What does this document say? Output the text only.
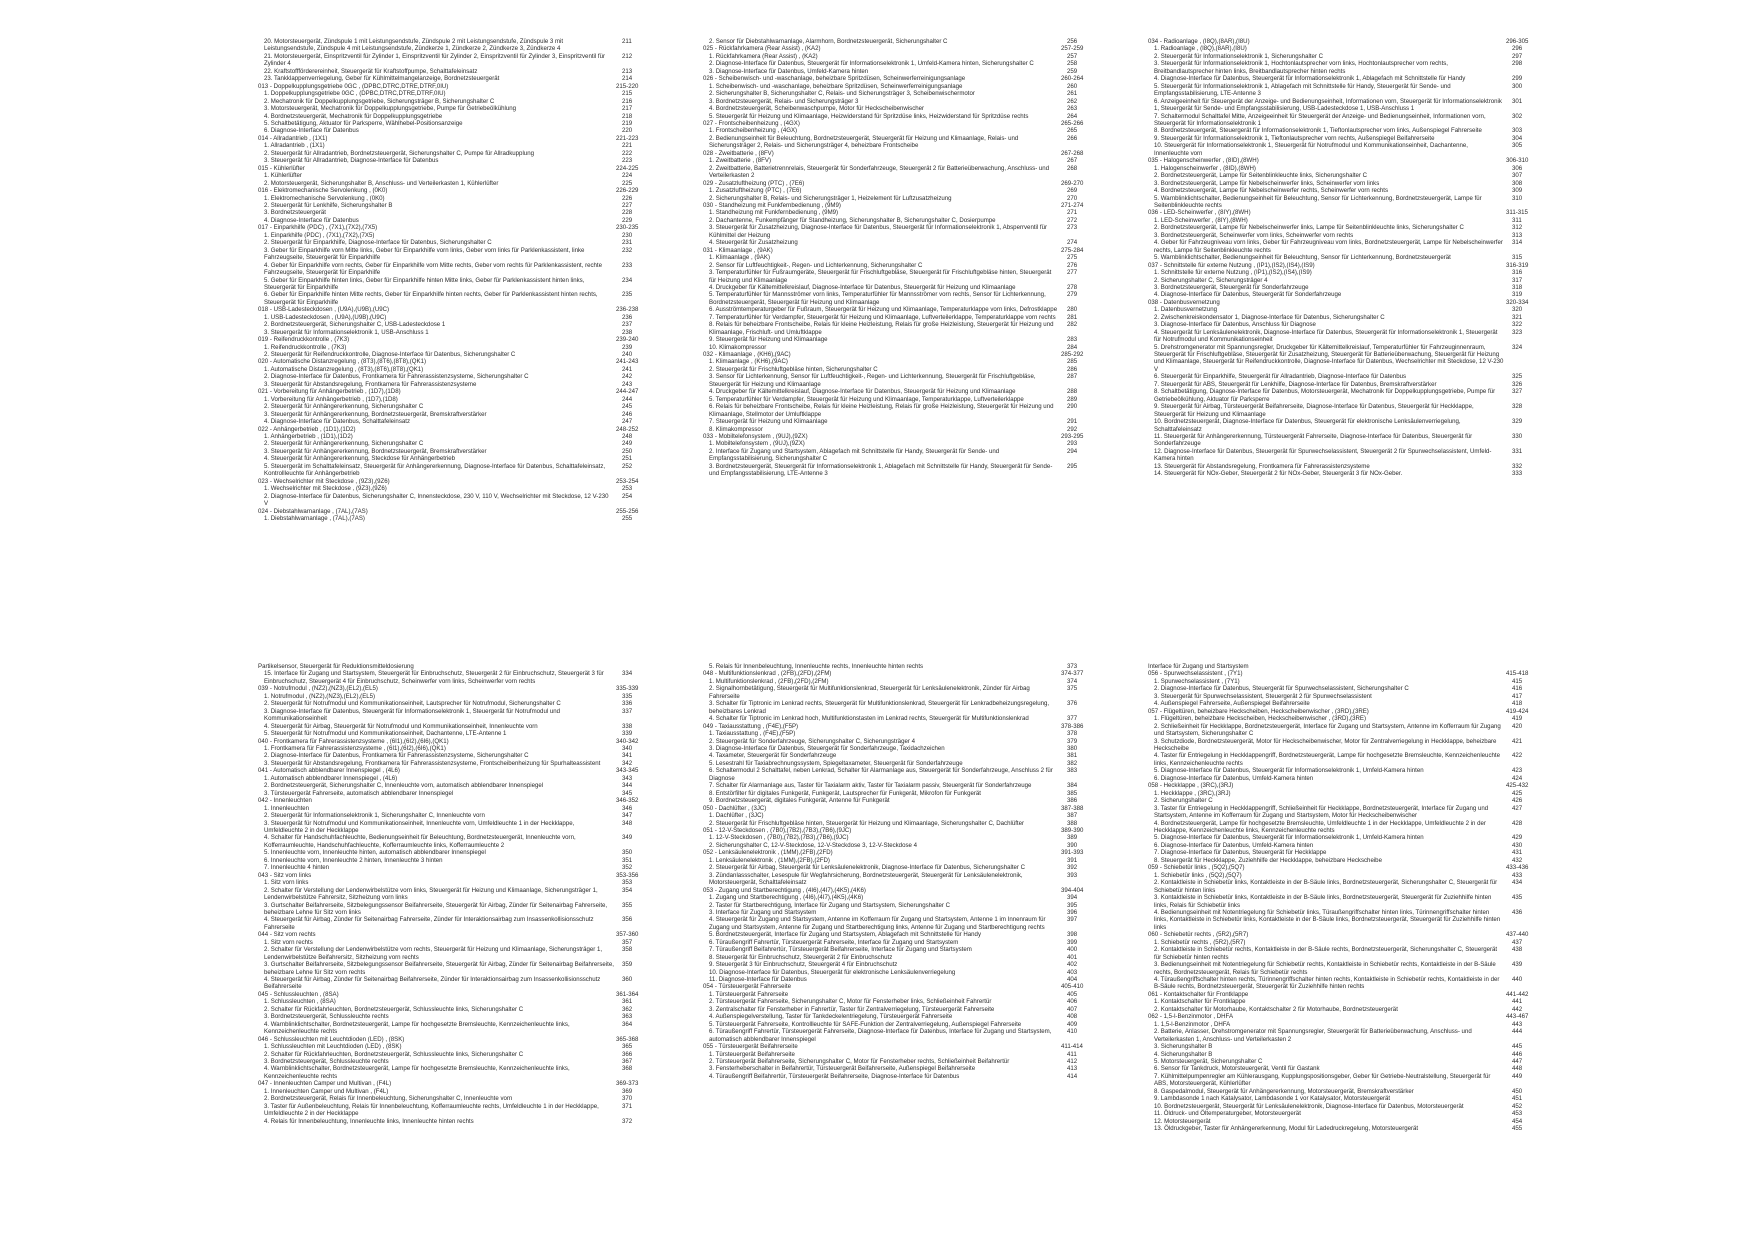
20. Motorsteuergerät, Zündspule 1 mit Leistungsendstufe, Zündspule 2 mit Leistungsendstufe, Zündspule 3 mit Leistungsendstufe, Zündspule 4 mit Leistungsendstufe, Zündkerze 1, Zündkerze 2, Zündkerze 3, Zündkerze 4
211
21. Motorsteuergerät, Einspritzventil für Zylinder 1, Einspritzventil für Zylinder 2, Einspritzventil für Zylinder 3, Einspritzventil für Zylinder 4
212
22. Kraftstoffförderereinheit, Steuergerät für Kraftstoffpumpe, Schalttafeleinsatz	213
23. Tankklappenverriegelung, Geber für Kühlmittelmangelanzeige, Bordnetzsteuergerät	214
013 - Doppelkupplungsgetriebe 0GC , (DPBC,DTRC,DTRE,DTRF,0IU)	215-220
1. Doppelkupplungsgetriebe 0GC , (DPBC,DTRC,DTRE,DTRF,0IU)	215
2. Mechatronik für Doppelkupplungsgetriebe, Sicherungsträger B, Sicherungshalter C	216
3. Motorsteuergerät, Mechatronik für Doppelkupplungsgetriebe, Pumpe für Getriebeölkühlung	217
4. Bordnetzsteuergerät, Mechatronik für Doppelkupplungsgetriebe	218
5. Schaltbetätigung, Aktuator für Parksperre, Wählhebel-Positionsanzeige	219
6. Diagnose-Interface für Datenbus	220
014 - Allradantrieb , (1X1)	221-223
1. Allradantrieb , (1X1)	221
2. Steuergerät für Allradantrieb, Bordnetzsteuergerät, Sicherungshalter C, Pumpe für Allradkupplung	222
3. Steuergerät für Allradantrieb, Diagnose-Interface für Datenbus	223
015 - Kühlerlüfter	224-225
1. Kühlerlüfter	224
2. Motorsteuergerät, Sicherungshalter B, Anschluss- und Verteilerkasten 1, Kühlerlüfter	225
016 - Elektromechanische Servolenkung , (0K0)	226-229
1. Elektromechanische Servolenkung , (0K0)	226
2. Steuergerät für Lenkhilfe, Sicherungshalter B	227
3. Bordnetzsteuergerät	228
4. Diagnose-Interface für Datenbus	229
017 - Einparkhilfe (PDC) , (7X1),(7X2),(7X5)	230-235
1. Einparkhilfe (PDC) , (7X1),(7X2),(7X5)	230
2. Steuergerät für Einparkhilfe, Diagnose-Interface für Datenbus, Sicherungshalter C	231
3. Geber für Einparkhilfe vorn Mitte links, Geber für Einparkhilfe vorn links, Geber vorn links für Parklenkassistent, linke Fahrzeugseite, Steuergerät für Einparkhilfe
232
4. Geber für Einparkhilfe vorn rechts, Geber für Einparkhilfe vorn Mitte rechts, Geber vorn rechts für Parklenkassistent, rechte Fahrzeugseite, Steuergerät für Einparkhilfe
233
5. Geber für Einparkhilfe hinten links, Geber für Einparkhilfe hinten Mitte links, Geber für Parklenkassistent hinten links, Steuergerät für Einparkhilfe
234
6. Geber für Einparkhilfe hinten Mitte rechts, Geber für Einparkhilfe hinten rechts, Geber für Parklenkassistent hinten rechts, Steuergerät für Einparkhilfe
235
018 - USB-Ladesteckdosen , (U9A),(U9B),(U9C)	236-238
1. USB-Ladesteckdosen , (U9A),(U9B),(U9C)	236
2. Bordnetzsteuergerät, Sicherungshalter C, USB-Ladesteckdose 1	237
3. Steuergerät für Informationselektronik 1, USB-Anschluss 1	238
019 - Reifendruckkontrolle , (7K3)	239-240
1. Reifendruckkontrolle , (7K3)	239
2. Steuergerät für Reifendruckkontrolle, Diagnose-Interface für Datenbus, Sicherungshalter C	240
020 - Automatische Distanzregelung , (8T3),(8T6),(8T8),(QK1)	241-243
1. Automatische Distanzregelung , (8T3),(8T6),(8T8),(QK1)	241
2. Diagnose-Interface für Datenbus, Frontkamera für Fahrerassistenzsysteme, Sicherungshalter C	242
3. Steuergerät für Abstandsregelung, Frontkamera für Fahrerassistenzsysteme	243
021 - Vorbereitung für Anhängerbetrieb , (1D7),(1D8)	244-247
1. Vorbereitung für Anhängerbetrieb , (1D7),(1D8)	244
2. Steuergerät für Anhängererkennung, Sicherungshalter C	245
3. Steuergerät für Anhängererkennung, Bordnetzsteuergerät, Bremskraftverstärker	246
4. Diagnose-Interface für Datenbus, Schalttafeleinsatz	247
022 - Anhängerbetrieb , (1D1),(1D2)	248-252
1. Anhängerbetrieb , (1D1),(1D2)	248
2. Steuergerät für Anhängererkennung, Sicherungshalter C	249
3. Steuergerät für Anhängererkennung, Bordnetzsteuergerät, Bremskraftverstärker	250
4. Steuergerät für Anhängererkennung, Steckdose für Anhängerbetrieb	251
5. Steuergerät im Schalttafeleinsatz, Steuergerät für Anhängererkennung, Diagnose-Interface für Datenbus, Schalttafeleinsatz, Kontrollleuchte für Anhängerbetrieb
252
023 - Wechselrichter mit Steckdose , (9Z3),(9Z6)	253-254
1. Wechselrichter mit Steckdose , (9Z3),(9Z6)	253
2. Diagnose-Interface für Datenbus, Sicherungshalter C, Innensteckdose, 230 V, 110 V, Wechselrichter mit Steckdose, 12 V-230 V
254
024 - Diebstahlwarnanlage , (7AL),(7AS)	255-256
1. Diebstahlwarnanlage , (7AL),(7AS)	255
2. Sensor für Diebstahlwarnanlage, Alarmhorn, Bordnetzsteuergerät, Sicherungshalter C	256
025 - Rückfahrkamera (Rear Assist) , (KA2)	257-259
1. Rückfahrkamera (Rear Assist) , (KA2)	257
2. Diagnose-Interface für Datenbus, Steuergerät für Informationselektronik 1, Umfeld-Kamera hinten, Sicherungshalter C	258
3. Diagnose-Interface für Datenbus, Umfeld-Kamera hinten	259
026 - Scheibenwisch- und -waschanlage, beheizbare Spritzdüsen, Scheinwerferreinigungsanlage	260-264
1. Scheibenwisch- und -waschanlage, beheizbare Spritzdüsen, Scheinwerferreinigungsanlage	260
2. Sicherungshalter B, Sicherungshalter C, Relais- und Sicherungsträger 3, Scheibenwischermotor	261
3. Bordnetzsteuergerät, Relais- und Sicherungsträger 3	262
4. Bordnetzsteuergerät, Scheibenwaschpumpe, Motor für Heckscheibenwischer	263
5. Steuergerät für Heizung und Klimaanlage, Heizwiderstand für Spritzdüse links, Heizwiderstand für Spritzdüse rechts	264
027 - Frontscheibenheizung , (4GX)	265-266
1. Frontscheibenheizung , (4GX)	265
2. Bedienungseinheit für Beleuchtung, Bordnetzsteuergerät, Steuergerät für Heizung und Klimaanlage, Relais- und Sicherungsträger 2, Relais- und Sicherungsträger 4, beheizbare Frontscheibe
266
028 - Zweitbatterie , (8FV)	267-268
1. Zweitbatterie , (8FV)	267
2. Zweitbatterie, Batterietrennrelais, Steuergerät für Sonderfahrzeuge, Steuergerät 2 für Batterieüberwachung, Anschluss- und Verteilerkasten 2
268
029 - Zusatzluftheizung (PTC) , (7E6)	269-270
1. Zusatzluftheizung (PTC) , (7E6)	269
2. Sicherungshalter B, Relais- und Sicherungsträger 1, Heizelement für Luftzusatzheizung	270
030 - Standheizung mit Funkfernbedienung , (9M9)	271-274
1. Standheizung mit Funkfernbedienung , (9M9)	271
2. Dachantenne, Funkempfänger für Standheizung, Sicherungshalter B, Sicherungshalter C, Dosierpumpe	272
3. Steuergerät für Zusatzheizung, Diagnose-Interface für Datenbus, Steuergerät für Informationselektronik 1, Absperrventil für Kühlmittel der Heizung
273
4. Steuergerät für Zusatzheizung	274
031 - Klimaanlage , (9AK)	275-284
1. Klimaanlage , (9AK)	275
2. Sensor für Luftfeuchtigkeit-, Regen- und Lichterkennung, Sicherungshalter C	276
3. Temperaturfühler für Fußraumgeräte, Steuergerät für Frischluftgebläse, Steuergerät für Frischluftgebläse hinten, Steuergerät für Heizung und Klimaanlage
277
4. Druckgeber für Kältemittelkreislauf, Diagnose-Interface für Datenbus, Steuergerät für Heizung und Klimaanlage	278
5. Temperaturfühler für Mannsströmer vorn links, Temperaturfühler für Mannsströmer vorn rechts, Sensor für Lichterkennung, Bordnetzsteuergerät, Steuergerät für Heizung und Klimaanlage
279
6. Ausströmtemperaturgeber für Fußraum, Steuergerät für Heizung und Klimaanlage, Temperaturklappe vorn links, Defrostklappe	280
7. Temperaturfühler für Verdampfer, Steuergerät für Heizung und Klimaanlage, Luftverteilerklappe, Temperaturklappe vorn rechts	281
8. Relais für beheizbare Frontscheibe, Relais für kleine Heizleistung, Relais für große Heizleistung, Steuergerät für Heizung und Klimaanlage, Frischluft- und Umluftklappe
282
9. Steuergerät für Heizung und Klimaanlage	283
10. Klimakompressor	284
032 - Klimaanlage , (KH6),(9AC)	285-292
1. Klimaanlage , (KH6),(9AC)	285
2. Steuergerät für Frischluftgebläse hinten, Sicherungshalter C	286
3. Sensor für Lichterkennung, Sensor für Luftfeuchtigkeit-, Regen- und Lichterkennung, Steuergerät für Frischluftgebläse, Steuergerät für Heizung und Klimaanlage
287
4. Druckgeber für Kältemittelkreislauf, Diagnose-Interface für Datenbus, Steuergerät für Heizung und Klimaanlage	288
5. Temperaturfühler für Verdampfer, Steuergerät für Heizung und Klimaanlage, Temperaturklappe, Luftverteilerklappe	289
6. Relais für beheizbare Frontscheibe, Relais für kleine Heizleistung, Relais für große Heizleistung, Steuergerät für Heizung und Klimaanlage, Stellmotor der Umluftklappe
290
7. Steuergerät für Heizung und Klimaanlage	291
8. Klimakompressor	292
033 - Mobiltelefonsystem , (9UJ),(9ZX)	293-295
1. Mobiltelefonsystem , (9UJ),(9ZX)	293
2. Interface für Zugang und Startsystem, Ablagefach mit Schnittstelle für Handy, Steuergerät für Sende- und Empfangsstabilisierung, Sicherungshalter C
294
3. Bordnetzsteuergerät, Steuergerät für Informationselektronik 1, Ablagefach mit Schnittstelle für Handy, Steuergerät für Sende- und Empfangsstabilisierung, LTE-Antenne 3
295
034 - Radioanlage , (I8Q),(8AR),(I8U)	296-305
1. Radioanlage , (I8Q),(8AR),(I8U)	296
2. Steuergerät für Informationselektronik 1, Sicherungshalter C	297
3. Steuergerät für Informationselektronik 1, Hochtonlautsprecher vorn links, Hochtonlautsprecher vorn rechts, Breitbandlautsprecher hinten links, Breitbandlautsprecher hinten rechts
298
4. Diagnose-Interface für Datenbus, Steuergerät für Informationselektronik 1, Ablagefach mit Schnittstelle für Handy	299
5. Steuergerät für Informationselektronik 1, Ablagefach mit Schnittstelle für Handy, Steuergerät für Sende- und Empfangsstabilisierung, LTE-Antenne 3
300
6. Anzeigeeinheit für Steuergerät der Anzeige- und Bedienungseinheit, Informationen vorn, Steuergerät für Informationselektronik 1, Steuergerät für Sende- und Empfangsstabilisierung, USB-Ladesteckdose 1, USB-Anschluss 1
301
7. Schaltermodul Schalttafel Mitte, Anzeigeeinheit für Steuergerät der Anzeige- und Bedienungseinheit, Informationen vorn, Steuergerät für Informationselektronik 1
302
8. Bordnetzsteuergerät, Steuergerät für Informationselektronik 1, Tieftonlautsprecher vorn links, Außenspiegel Fahrerseite	303
9. Steuergerät für Informationselektronik 1, Tieftonlautsprecher vorn rechts, Außenspiegel Beifahrerseite	304
10. Steuergerät für Informationselektronik 1, Steuergerät für Notrufmodul und Kommunikationseinheit, Dachantenne, Innenleuchte vorn
305
035 - Halogenscheinwerfer , (8ID),(8WH)	306-310
1. Halogenscheinwerfer , (8ID),(8WH)	306
2. Bordnetzsteuergerät, Lampe für Seitenblinkleuchte links, Sicherungshalter C	307
3. Bordnetzsteuergerät, Lampe für Nebelscheinwerfer links, Scheinwerfer vorn links	308
4. Bordnetzsteuergerät, Lampe für Nebelscheinwerfer rechts, Scheinwerfer vorn rechts	309
5. Warnblinklichtschalter, Bedienungseinheit für Beleuchtung, Sensor für Lichterkennung, Bordnetzsteuergerät, Lampe für Seitenblinkleuchte rechts
310
036 - LED-Scheinwerfer , (8IY),(8WH)	311-315
1. LED-Scheinwerfer , (8IY),(8WH)	311
2. Bordnetzsteuergerät, Lampe für Nebelscheinwerfer links, Lampe für Seitenblinkleuchte links, Sicherungshalter C	312
3. Bordnetzsteuergerät, Scheinwerfer vorn links, Scheinwerfer vorn rechts	313
4. Geber für Fahrzeugniveau vorn links, Geber für Fahrzeugniveau vorn links, Bordnetzsteuergerät, Lampe für Nebelscheinwerfer rechts, Lampe für Seitenblinkleuchte rechts
314
5. Warnblinklichtschalter, Bedienungseinheit für Beleuchtung, Sensor für Lichterkennung, Bordnetzsteuergerät	315
037 - Schnittstelle für externe Nutzung , (IP1),(IS2),(IS4),(IS9)	316-319
1. Schnittstelle für externe Nutzung , (IP1),(IS2),(IS4),(IS9)	316
2. Sicherungshalter C, Sicherungsträger 4	317
3. Bordnetzsteuergerät, Steuergerät für Sonderfahrzeuge	318
4. Diagnose-Interface für Datenbus, Steuergerät für Sonderfahrzeuge	319
038 - Datenbusvernetzung	320-334
1. Datenbusvernetzung	320
2. Zwischenkreiskondensator 1, Diagnose-Interface für Datenbus, Sicherungshalter C	321
3. Diagnose-Interface für Datenbus, Anschluss für Diagnose	322
4. Steuergerät für Lenksäulenelektronik, Diagnose-Interface für Datenbus, Steuergerät für Informationselektronik 1, Steuergerät für Notrufmodul und Kommunikationseinheit
323
5. Drehstromgenerator mit Spannungsregler, Druckgeber für Kältemittelkreislauf, Temperaturfühler für Fahrzeuginnenraum, Steuergerät für Frischluftgebläse, Steuergerät für Zusatzheizung, Steuergerät für Batterieüberwachung, Steuergerät für Heizung und Klimaanlage, Steuergerät für Reifendruckkontrolle, Diagnose-Interface für Datenbus, Wechselrichter mit Steckdose, 12 V-230 V
324
6. Steuergerät für Einparkhilfe, Steuergerät für Allradantrieb, Diagnose-Interface für Datenbus	325
7. Steuergerät für ABS, Steuergerät für Lenkhilfe, Diagnose-Interface für Datenbus, Bremskraftverstärker	326
8. Schaltbetätigung, Diagnose-Interface für Datenbus, Motorsteuergerät, Mechatronik für Doppelkupplungsgetriebe, Pumpe für Getriebeölkühlung, Aktuator für Parksperre
327
9. Steuergerät für Airbag, Türsteuergerät Beifahrerseite, Diagnose-Interface für Datenbus, Steuergerät für Heckklappe, Steuergerät für Heizung und Klimaanlage
328
10. Bordnetzsteuergerät, Diagnose-Interface für Datenbus, Steuergerät für elektronische Lenksäulenverriegelung, Schalttafeleinsatz
329
11. Steuergerät für Anhängererkennung, Türsteuergerät Fahrerseite, Diagnose-Interface für Datenbus, Steuergerät für Sonderfahrzeuge
330
12. Diagnose-Interface für Datenbus, Steuergerät für Spurwechselassistent, Steuergerät 2 für Spurwechselassistent, Umfeld-Kamera hinten
331
13. Steuergerät für Abstandsregelung, Frontkamera für Fahrerassistenzsysteme	332
14. Steuergerät für NOx-Geber, Steuergerät 2 für NOx-Geber, Steuergerät 3 für NOx-Geber.	333
Partikelsensor, Steuergerät für Reduktionsmitteldosierung
15. Interface für Zugang und Startsystem, Steuergerät für Einbruchschutz, Steuergerät 2 für Einbruchschutz, Steuergerät 3 für Einbruchschutz, Steuergerät 4 für Einbruchschutz, Scheinwerfer vorn links, Scheinwerfer vorn rechts
334
039 - Notrufmodul , (NZ2),(NZ3),(EL2),(EL5)	335-339
1. Notrufmodul , (NZ2),(NZ3),(EL2),(EL5)	335
2. Steuergerät für Notrufmodul und Kommunikationseinheit, Lautsprecher für Notrufmodul, Sicherungshalter C	336
3. Diagnose-Interface für Datenbus, Steuergerät für Informationselektronik 1, Steuergerät für Notrufmodul und Kommunikationseinheit
337
4. Steuergerät für Airbag, Steuergerät für Notrufmodul und Kommunikationseinheit, Innenleuchte vorn	338
5. Steuergerät für Notrufmodul und Kommunikationseinheit, Dachantenne, LTE-Antenne 1	339
040 - Frontkamera für Fahrerassistenzsysteme , (6I1),(6I2),(6I6),(QK1)	340-342
1. Frontkamera für Fahrerassistenzsysteme , (6I1),(6I2),(6I6),(QK1)	340
2. Diagnose-Interface für Datenbus, Frontkamera für Fahrerassistenzsysteme, Sicherungshalter C	341
3. Steuergerät für Abstandsregelung, Frontkamera für Fahrerassistenzsysteme, Frontscheibenheizung für Spurhalteassistent	342
041 - Automatisch abblendbarer Innenspiegel , (4L6)	343-345
1. Automatisch abblendbarer Innenspiegel , (4L6)	343
2. Bordnetzsteuergerät, Sicherungshalter C, Innenleuchte vorn, automatisch abblendbarer Innenspiegel	344
3. Türsteuergerät Fahrerseite, automatisch abblendbarer Innenspiegel	345
042 - Innenleuchten	346-352
1. Innenleuchten	346
2. Steuergerät für Informationselektronik 1, Sicherungshalter C, Innenleuchte vorn	347
3. Steuergerät für Notrufmodul und Kommunikationseinheit, Innenleuchte vorn, Umfeldleuchte 1 in der Heckklappe, Umfeldleuchte 2 in der Heckklappe
348
4. Schalter für Handschuhfachleuchte, Bedienungseinheit für Beleuchtung, Bordnetzsteuergerät, Innenleuchte vorn, Kofferraumleuchte, Handschuhfachleuchte, Kofferraumleuchte links, Kofferraumleuchte 2
349
5. Innenleuchte vorn, Innenleuchte hinten, automatisch abblendbarer Innenspiegel	350
6. Innenleuchte vorn, Innenleuchte 2 hinten, Innenleuchte 3 hinten	351
7. Innenleuchte 4 hinten	352
043 - Sitz vorn links	353-356
1. Sitz vorn links	353
2. Schalter für Verstellung der Lendenwirbelstütze vorn links, Steuergerät für Heizung und Klimaanlage, Sicherungsträger 1, Lendenwirbelstütze Fahrersitz, Sitzheizung vorn links
354
3. Gurtschalter Beifahrerseite, Sitzbelegungssensor Beifahrerseite, Steuergerät für Airbag, Zünder für Seitenairbag Fahrerseite, beheizbare Lehne für Sitz vorn links
355
4. Steuergerät für Airbag, Zünder für Seitenairbag Fahrerseite, Zünder für Interaktionsairbag zum Insassenkollisionsschutz Fahrerseite
356
044 - Sitz vorn rechts	357-360
1. Sitz vorn rechts	357
2. Schalter für Verstellung der Lendenwirbelstütze vorn rechts, Steuergerät für Heizung und Klimaanlage, Sicherungsträger 1, Lendenwirbelstütze Beifahrersitz, Sitzheizung vorn rechts
358
3. Gurtschalter Beifahrerseite, Sitzbelegungssensor Beifahrerseite, Steuergerät für Airbag, Zünder für Seitenairbag Beifahrerseite, beheizbare Lehne für Sitz vorn rechts
359
4. Steuergerät für Airbag, Zünder für Seitenairbag Beifahrerseite, Zünder für Interaktionsairbag zum Insassenkollisionsschutz Beifahrerseite
360
045 - Schlussleuchten , (8SA)	361-364
1. Schlussleuchten , (8SA)	361
2. Schalter für Rückfahrleuchten, Bordnetzsteuergerät, Schlussleuchte links, Sicherungshalter C	362
3. Bordnetzsteuergerät, Schlussleuchte rechts	363
4. Warnblinklichtschalter, Bordnetzsteuergerät, Lampe für hochgesetzte Bremsleuchte, Kennzeichenleuchte links, Kennzeichenleuchte rechts
364
046 - Schlussleuchten mit Leuchtdioden (LED) , (8SK)	365-368
1. Schlussleuchten mit Leuchtdioden (LED) , (8SK)	365
2. Schalter für Rückfahrleuchten, Bordnetzsteuergerät, Schlussleuchte links, Sicherungshalter C	366
3. Bordnetzsteuergerät, Schlussleuchte rechts	367
4. Warnblinklichtschalter, Bordnetzsteuergerät, Lampe für hochgesetzte Bremsleuchte, Kennzeichenleuchte links, Kennzeichenleuchte rechts
368
047 - Innenleuchten Camper und Multivan , (F4L)	369-373
1. Innenleuchten Camper und Multivan , (F4L)	369
2. Bordnetzsteuergerät, Relais für Innenbeleuchtung, Sicherungshalter C, Innenleuchte vorn	370
3. Taster für Außenbeleuchtung, Relais für Innenbeleuchtung, Kofferraumleuchte rechts, Umfeldleuchte 1 in der Heckklappe, Umfeldleuchte 2 in der Heckklappe
371
4. Relais für Innenbeleuchtung, Innenleuchte links, Innenleuchte hinten rechts	372
5. Relais für Innenbeleuchtung, Innenleuchte rechts, Innenleuchte hinten rechts	373
048 - Multifunktionslenkrad , (2FB),(2FD),(2FM)	374-377
1. Multifunktionslenkrad , (2FB),(2FD),(2FM)	374
2. Signalhornbetätigung, Steuergerät für Multifunktionslenkrad, Steuergerät für Lenksäulenelektronik, Zünder für Airbag Fahrerseite
375
3. Schalter für Tiptronic im Lenkrad rechts, Steuergerät für Multifunktionslenkrad, Steuergerät für Lenkradbeheizungsregelung, beheizbares Lenkrad
376
4. Schalter für Tiptronic im Lenkrad hoch, Multifunktionstasten im Lenkrad rechts, Steuergerät für Multifunktionslenkrad	377
049 - Taxiausstattung , (F4E),(F5P)	378-386
1. Taxiausstattung , (F4E),(F5P)	378
2. Steuergerät für Sonderfahrzeuge, Sicherungshalter C, Sicherungsträger 4	379
3. Diagnose-Interface für Datenbus, Steuergerät für Sonderfahrzeuge, Taxidachzeichen	380
4. Taxameter, Steuergerät für Sonderfahrzeuge	381
5. Lesestrahl für Taxiabrechnungssystem, Spiegeltaxameter, Steuergerät für Sonderfahrzeuge	382
6. Schaltermodul 2 Schalttafel, neben Lenkrad, Schalter für Alarmanlage aus, Steuergerät für Sonderfahrzeuge, Anschluss 2 für Diagnose
383
7. Schalter für Alarmanlage aus, Taster für Taxialarm aktiv, Taster für Taxialarm passiv, Steuergerät für Sonderfahrzeuge	384
8. Entstörfilter für digitales Funkgerät, Funkgerät, Lautsprecher für Funkgerät, Mikrofon für Funkgerät	385
9. Bordnetzsteuergerät, digitales Funkgerät, Antenne für Funkgerät	386
050 - Dachlüfter , (3JC)	387-388
1. Dachlüfter , (3JC)	387
2. Steuergerät für Frischluftgebläse hinten, Steuergerät für Heizung und Klimaanlage, Sicherungshalter C, Dachlüfter	388
051 - 12-V-Steckdosen , (7B0),(7B2),(7B3),(7B6),(9JC)	389-390
1. 12-V-Steckdosen , (7B0),(7B2),(7B3),(7B6),(9JC)	389
2. Sicherungshalter C, 12-V-Steckdose, 12-V-Steckdose 3, 12-V-Steckdose 4	390
052 - Lenksäulenelektronik , (1MM),(2FB),(2FD)	391-393
1. Lenksäulenelektronik , (1MM),(2FB),(2FD)	391
2. Steuergerät für Airbag, Steuergerät für Lenksäulenelektronik, Diagnose-Interface für Datenbus, Sicherungshalter C	392
3. Zündanlassschalter, Lesespule für Wegfahrsicherung, Bordnetzsteuergerät, Steuergerät für Lenksäulenelektronik, Motorsteuergerät, Schalttafeleinsatz
393
053 - Zugang und Startberechtigung , (4I6),(4I7),(4K5),(4K6)	394-404
1. Zugang und Startberechtigung , (4I6),(4I7),(4K5),(4K6)	394
2. Taster für Startberechtigung, Interface für Zugang und Startsystem, Sicherungshalter C	395
3. Interface für Zugang und Startsystem	396
4. Steuergerät für Zugang und Startsystem, Antenne im Kofferraum für Zugang und Startsystem, Antenne 1 im Innenraum für Zugang und Startsystem, Antenne für Zugang und Startberechtigung links, Antenne für Zugang und Startberechtigung rechts
397
5. Bordnetzsteuergerät, Interface für Zugang und Startsystem, Ablagefach mit Schnittstelle für Handy	398
6. Türaußengriff Fahrertür, Türsteuergerät Fahrerseite, Interface für Zugang und Startsystem	399
7. Türaußengriff Beifahrertür, Türsteuergerät Beifahrerseite, Interface für Zugang und Startsystem	400
8. Steuergerät für Einbruchschutz, Steuergerät 2 für Einbruchschutz	401
9. Steuergerät 3 für Einbruchschutz, Steuergerät 4 für Einbruchschutz	402
10. Diagnose-Interface für Datenbus, Steuergerät für elektronische Lenksäulenverriegelung	403
11. Diagnose-Interface für Datenbus	404
054 - Türsteuergerät Fahrerseite	405-410
1. Türsteuergerät Fahrerseite	405
2. Türsteuergerät Fahrerseite, Sicherungshalter C, Motor für Fensterheber links, Schließeinheit Fahrertür	406
3. Zentralschalter für Fensterheber in Fahrertür, Taster für Zentralverriegelung, Türsteuergerät Fahrerseite	407
4. Außenspiegelverstellung, Taster für Tankdeckelentriegelung, Türsteuergerät Fahrerseite	408
5. Türsteuergerät Fahrerseite, Kontrollleuchte für SAFE-Funktion der Zentralverriegelung, Außenspiegel Fahrerseite	409
6. Türaußengriff Fahrertür, Türsteuergerät Fahrerseite, Diagnose-Interface für Datenbus, Interface für Zugang und Startsystem, automatisch abblendbarer Innenspiegel
410
055 - Türsteuergerät Beifahrerseite	411-414
1. Türsteuergerät Beifahrerseite	411
2. Türsteuergerät Beifahrerseite, Sicherungshalter C, Motor für Fensterheber rechts, Schließeinheit Beifahrertür	412
3. Fensterheberschalter in Beifahrertür, Türsteuergerät Beifahrerseite, Außenspiegel Beifahrerseite	413
4. Türaußengriff Beifahrertür, Türsteuergerät Beifahrerseite, Diagnose-Interface für Datenbus	414
Interface für Zugang und Startsystem
056 - Spurwechselassistent , (7Y1)	415-418
1. Spurwechselassistent , (7Y1)	415
2. Diagnose-Interface für Datenbus, Steuergerät für Spurwechselassistent, Sicherungshalter C	416
3. Steuergerät für Spurwechselassistent, Steuergerät 2 für Spurwechselassistent	417
4. Außenspiegel Fahrerseite, Außenspiegel Beifahrerseite	418
057 - Flügeltüren, beheizbare Heckscheiben, Heckscheibenwischer , (3RD),(3RE)	419-424
1. Flügeltüren, beheizbare Heckscheiben, Heckscheibenwischer , (3RD),(3RE)	419
2. Schließeinheit für Heckklappe, Bordnetzsteuergerät, Interface für Zugang und Startsystem, Antenne im Kofferraum für Zugang und Startsystem, Sicherungshalter C
420
3. Schutzdiode, Bordnetzsteuergerät, Motor für Heckscheibenwischer, Motor für Zentralverriegelung in Heckklappe, beheizbare Heckscheibe
421
4. Taster für Entriegelung in Heckklappengriff, Bordnetzsteuergerät, Lampe für hochgesetzte Bremsleuchte, Kennzeichenleuchte links, Kennzeichenleuchte rechts
422
5. Diagnose-Interface für Datenbus, Steuergerät für Informationselektronik 1, Umfeld-Kamera hinten	423
6. Diagnose-Interface für Datenbus, Umfeld-Kamera hinten	424
058 - Heckklappe , (3RC),(3RJ)	425-432
1. Heckklappe , (3RC),(3RJ)	425
2. Sicherungshalter C	426
3. Taster für Entriegelung in Heckklappengriff, Schließeinheit für Heckklappe, Bordnetzsteuergerät, Interface für Zugang und Startsystem, Antenne im Kofferraum für Zugang und Startsystem, Motor für Heckscheibenwischer
427
4. Bordnetzsteuergerät, Lampe für hochgesetzte Bremsleuchte, Umfeldleuchte 1 in der Heckklappe, Umfeldleuchte 2 in der Heckklappe, Kennzeichenleuchte links, Kennzeichenleuchte rechts
428
5. Diagnose-Interface für Datenbus, Steuergerät für Informationselektronik 1, Umfeld-Kamera hinten	429
6. Diagnose-Interface für Datenbus, Umfeld-Kamera hinten	430
7. Diagnose-Interface für Datenbus, Steuergerät für Heckklappe	431
8. Steuergerät für Heckklappe, Zuziehhilfe der Heckklappe, beheizbare Heckscheibe	432
059 - Schiebetür links , (5Q2),(5Q7)	433-436
1. Schiebetür links , (5Q2),(5Q7)	433
2. Kontaktleiste in Schiebetür links, Kontaktleiste in der B-Säule links, Bordnetzsteuergerät, Sicherungshalter C, Steuergerät für Schiebetür hinten links
434
3. Kontaktleiste in Schiebetür links, Kontaktleiste in der B-Säule links, Bordnetzsteuergerät, Steuergerät für Zuziehhilfe hinten links, Relais für Schiebetür links
435
4. Bedienungseinheit mit Notentriegelung für Schiebetür links, Türaußengriffschalter hinten links, Türinnengriffschalter hinten links, Kontaktleiste in Schiebetür links, Kontaktleiste in der B-Säule links, Bordnetzsteuergerät, Steuergerät für Zuziehhilfe hinten links
436
060 - Schiebetür rechts , (5R2),(5R7)	437-440
1. Schiebetür rechts , (5R2),(5R7)	437
2. Kontaktleiste in Schiebetür rechts, Kontaktleiste in der B-Säule rechts, Bordnetzsteuergerät, Sicherungshalter C, Steuergerät für Schiebetür hinten rechts
438
3. Bedienungseinheit mit Notentriegelung für Schiebetür rechts, Kontaktleiste in Schiebetür rechts, Kontaktleiste in der B-Säule rechts, Bordnetzsteuergerät, Relais für Schiebetür rechts
439
4. Türaußengriffschalter hinten rechts, Türinnengriffschalter hinten rechts, Kontaktleiste in Schiebetür rechts, Kontaktleiste in der B-Säule rechts, Bordnetzsteuergerät, Steuergerät für Zuziehhilfe hinten rechts
440
061 - Kontaktschalter für Frontklappe	441-442
1. Kontaktschalter für Frontklappe	441
2. Kontaktschalter für Motorhaube, Kontaktschalter 2 für Motorhaube, Bordnetzsteuergerät	442
062 - 1,5-l-Benzinmotor , DHFA	443-467
1. 1,5-l-Benzinmotor , DHFA	443
2. Batterie, Anlasser, Drehstromgenerator mit Spannungsregler, Steuergerät für Batterieüberwachung, Anschluss- und Verteilerkasten 1, Anschluss- und Verteilerkasten 2
444
3. Sicherungshalter B	445
4. Sicherungshalter B	446
5. Motorsteuergerät, Sicherungshalter C	447
6. Sensor für Tankdruck, Motorsteuergerät, Ventil für Gastank	448
7. Kühlmittelpumpenregler am Kühlerausgang, Kupplungspositionsgeber, Geber für Getriebe-Neutralstellung, Steuergerät für ABS, Motorsteuergerät, Kühlerlüfter
449
8. Gaspedalmodul, Steuergerät für Anhängererkennung, Motorsteuergerät, Bremskraftverstärker	450
9. Lambdasonde 1 nach Katalysator, Lambdasonde 1 vor Katalysator, Motorsteuergerät	451
10. Bordnetzsteuergerät, Steuergerät für Lenksäulenelektronik, Diagnose-Interface für Datenbus, Motorsteuergerät	452
11. Öldruck- und Öltemperaturgeber, Motorsteuergerät	453
12. Motorsteuergerät	454
13. Öldruckgeber, Taster für Anhängererkennung, Modul für Ladedruckregelung, Motorsteuergerät	455
